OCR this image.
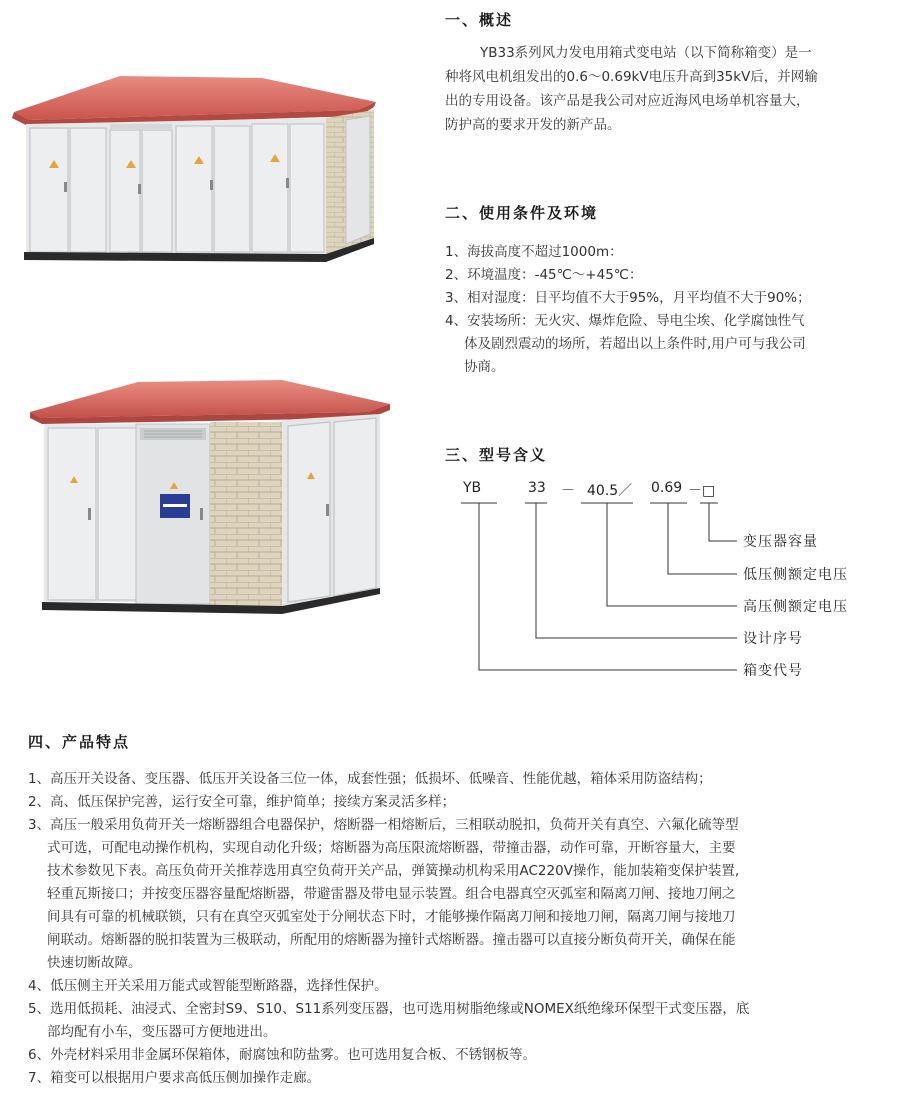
一、概述
YB33系列风力发电用箱式变电站（以下简称箱变）是一
种将风电机组发出的0.6～0.69kV电压升高到35kV后，并网输
出的专用设备。该产品是我公司对应近海风电场单机容量大，
防护高的要求开发的新产品。
二、使用条件及环境
1、海拔高度不超过1000m：
2、环境温度：-45℃～+45℃：
3、相对湿度：日平均值不大于95%，月平均值不大于90%；
4、安装场所：无火灾、爆炸危险、导电尘埃、化学腐蚀性气
体及剧烈震动的场所，若超出以上条件时,用户可与我公司
协商。
三、型号含义
YB	33 － 40.5／ 0.69 －□
变压器容量
低压侧额定电压
高压侧额定电压
设计序号
箱变代号
四、产品特点
1、高压开关设备、变压器、低压开关设备三位一体，成套性强；低损坏、低噪音、性能优越，箱体采用防盗结构；
2、高、低压保护完善，运行安全可靠，维护简单；接续方案灵活多样；
3、高压一般采用负荷开关一熔断器组合电器保护，熔断器一相熔断后，三相联动脱扣，负荷开关有真空、六氟化硫等型
式可选，可配电动操作机构，实现自动化升级；熔断器为高压限流熔断器，带撞击器，动作可靠，开断容量大，主要
技术参数见下表。高压负荷开关推荐选用真空负荷开关产品，弹簧操动机构采用AC220V操作，能加装箱变保护装置,
轻重瓦斯接口；并按变压器容量配熔断器，带避雷器及带电显示装置。组合电器真空灭弧室和隔离刀闸、接地刀闸之
间具有可靠的机械联锁，只有在真空灭弧室处于分闸状态下时，才能够操作隔离刀闸和接地刀闸，隔离刀闸与接地刀
闸联动。熔断器的脱扣装置为三极联动，所配用的熔断器为撞针式熔断器。撞击器可以直接分断负荷开关，确保在能
快速切断故障。
4、低压侧主开关采用万能式或智能型断路器，选择性保护。
5、选用低损耗、油浸式、全密封S9、S10、S11系列变压器，也可选用树脂绝缘或NOMEX纸绝缘环保型干式变压器，底
部均配有小车，变压器可方便地进出。
6、外壳材料采用非金属环保箱体，耐腐蚀和防盐雾。也可选用复合板、不锈钢板等。
7、箱变可以根据用户要求高低压侧加操作走廊。
